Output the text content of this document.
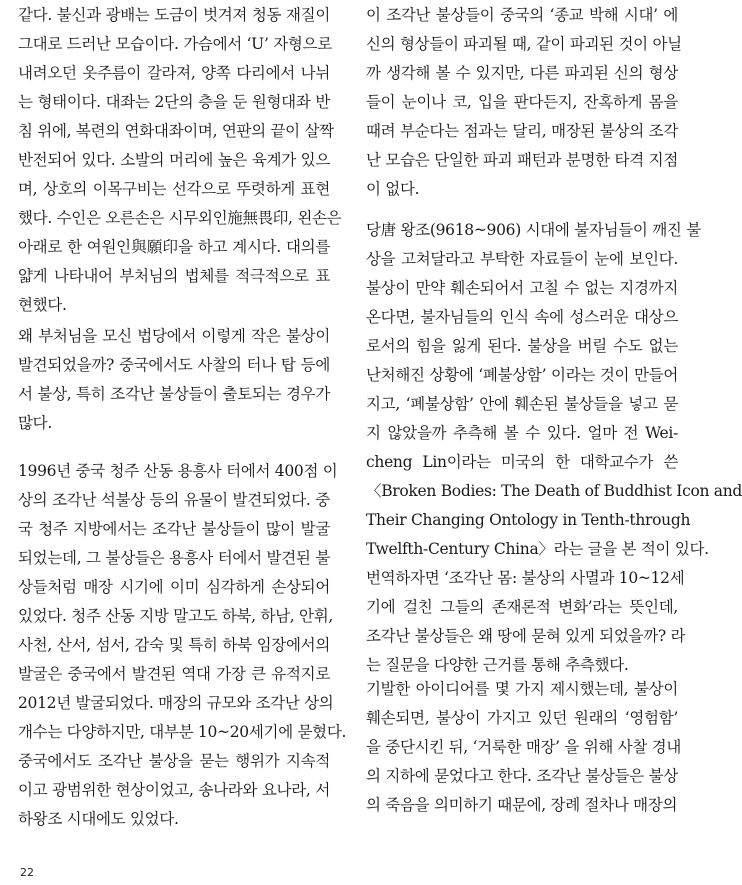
같다. 불신과 광배는 도금이 벗겨져 청동 재질이
그대로 드러난 모습이다. 가슴에서 ‘U’ 자형으로
내려오던 옷주름이 갈라져, 양쪽 다리에서 나뉘
는 형태이다. 대좌는 2단의 층을 둔 원형대좌 반
침 위에, 복련의 연화대좌이며, 연판의 끝이 살짝
반전되어 있다. 소발의 머리에 높은 육계가 있으
며, 상호의 이목구비는 선각으로 뚜렷하게 표현
했다. 수인은 오른손은 시무외인施無畏印, 왼손은
아래로 한 여원인與願印을 하고 계시다. 대의를
얇게 나타내어 부처님의 법체를 적극적으로 표
현했다.
왜 부처님을 모신 법당에서 이렇게 작은 불상이
발견되었을까? 중국에서도 사찰의 터나 탑 등에
서 불상, 특히 조각난 불상들이 출토되는 경우가
많다.
1996년 중국 청주 산동 용흥사 터에서 400점 이
상의 조각난 석불상 등의 유물이 발견되었다. 중
국 청주 지방에서는 조각난 불상들이 많이 발굴
되었는데, 그 불상들은 용흥사 터에서 발견된 불
상들처럼 매장 시기에 이미 심각하게 손상되어
있었다. 청주 산동 지방 말고도 하북, 하남, 안휘,
사천, 산서, 섬서, 감숙 및 특히 하북 임장에서의
발굴은 중국에서 발견된 역대 가장 큰 유적지로
2012년 발굴되었다. 매장의 규모와 조각난 상의
개수는 다양하지만, 대부분 10~20세기에 묻혔다.
중국에서도 조각난 불상을 묻는 행위가 지속적
이고 광범위한 현상이었고, 송나라와 요나라, 서
하왕조 시대에도 있었다.
이 조각난 불상들이 중국의 ‘종교 박해 시대’ 에
신의 형상들이 파괴될 때, 같이 파괴된 것이 아닐
까 생각해 볼 수 있지만, 다른 파괴된 신의 형상
들이 눈이나 코, 입을 판다든지, 잔혹하게 몸을
때려 부순다는 점과는 달리, 매장된 불상의 조각
난 모습은 단일한 파괴 패턴과 분명한 타격 지점
이 없다.
당唐 왕조(9618~906) 시대에 불자님들이 깨진 불
상을 고쳐달라고 부탁한 자료들이 눈에 보인다.
불상이 만약 훼손되어서 고칠 수 없는 지경까지
온다면, 불자님들의 인식 속에 성스러운 대상으
로서의 힘을 잃게 된다. 불상을 버릴 수도 없는
난처해진 상황에 ‘폐불상함’ 이라는 것이 만들어
지고, ‘폐불상함’ 안에 훼손된 불상들을 넣고 묻
지 않았을까 추측해 볼 수 있다. 얼마 전 Wei-
cheng Lin이라는 미국의 한 대학교수가 쓴
〈Broken Bodies: The Death of Buddhist Icon and
Their Changing Ontology in Tenth-through
Twelfth-Century China〉라는 글을 본 적이 있다.
번역하자면 ‘조각난 몸: 불상의 사멸과 10~12세
기에 걸친 그들의 존재론적 변화’라는 뜻인데,
조각난 불상들은 왜 땅에 묻혀 있게 되었을까? 라
는 질문을 다양한 근거를 통해 추측했다.
기발한 아이디어를 몇 가지 제시했는데, 불상이
훼손되면, 불상이 가지고 있던 원래의 ‘영험함’
을 중단시킨 뒤, ‘거룩한 매장’ 을 위해 사찰 경내
의 지하에 묻었다고 한다. 조각난 불상들은 불상
의 죽음을 의미하기 때문에, 장례 절차나 매장의
22
